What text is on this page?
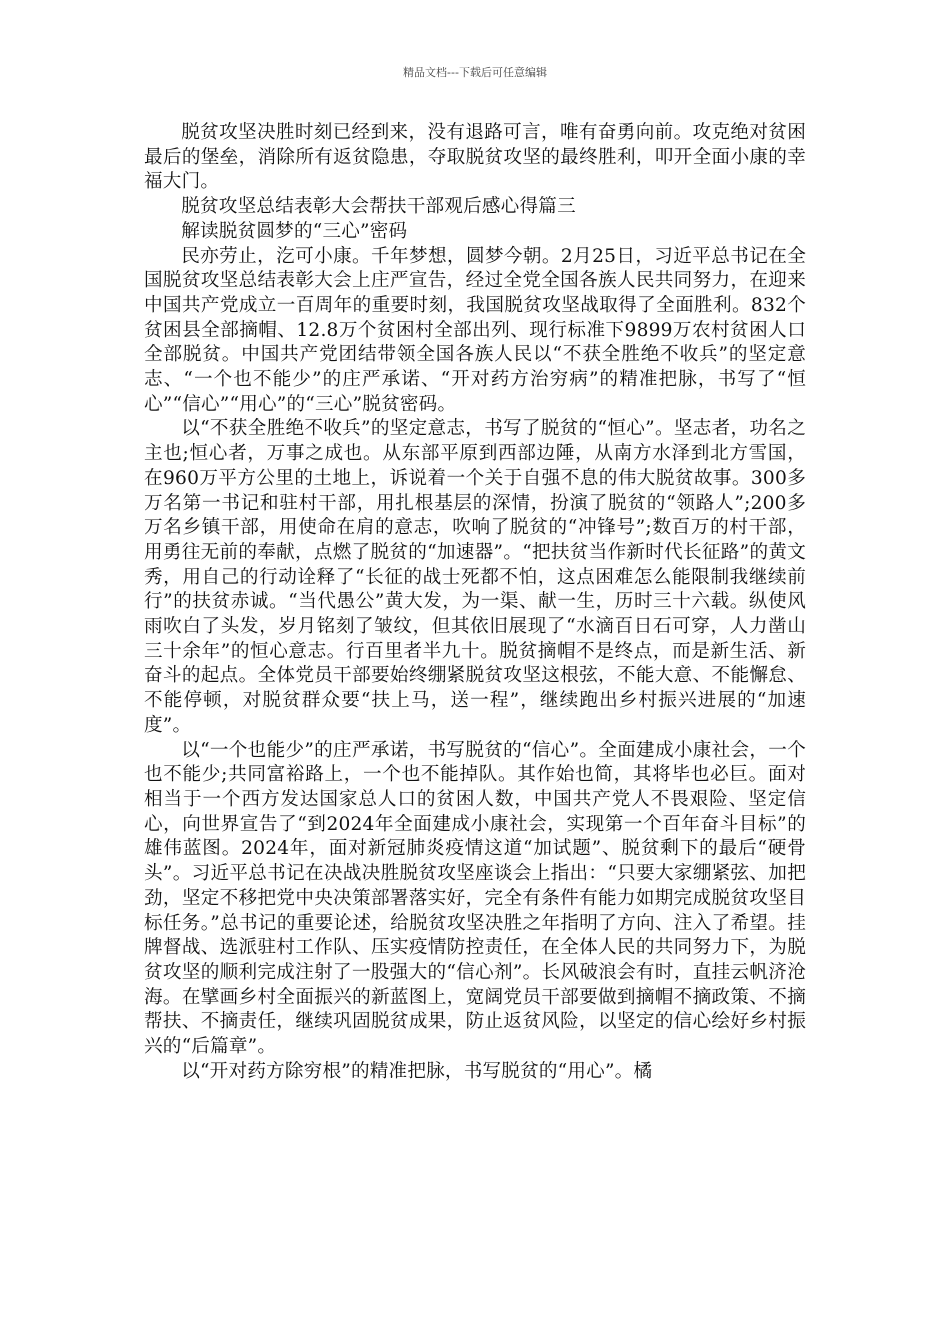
精品文档---下载后可任意编辑

脱贫攻坚决胜时刻已经到来，没有退路可言，唯有奋勇向前。攻克绝对贫困最后的堡垒，消除所有返贫隐患，夺取脱贫攻坚的最终胜利，叩开全面小康的幸福大门。

脱贫攻坚总结表彰大会帮扶干部观后感心得篇三

解读脱贫圆梦的“三心”密码

民亦劳止，汔可小康。千年梦想，圆梦今朝。2月25日，习近平总书记在全国脱贫攻坚总结表彰大会上庄严宣告，经过全党全国各族人民共同努力，在迎来中国共产党成立一百周年的重要时刻，我国脱贫攻坚战取得了全面胜利。832个贫困县全部摘帽、12.8万个贫困村全部出列、现行标准下9899万农村贫困人口全部脱贫。中国共产党团结带领全国各族人民以“不获全胜绝不收兵”的坚定意志、“一个也不能少”的庄严承诺、“开对药方治穷病”的精准把脉，书写了“恒心”“信心”“用心”的“三心”脱贫密码。

以“不获全胜绝不收兵”的坚定意志，书写了脱贫的“恒心”。坚志者，功名之主也;恒心者，万事之成也。从东部平原到西部边陲，从南方水泽到北方雪国，在960万平方公里的土地上，诉说着一个关于自强不息的伟大脱贫故事。300多万名第一书记和驻村干部，用扎根基层的深情，扮演了脱贫的“领路人”;200多万名乡镇干部，用使命在肩的意志，吹响了脱贫的“冲锋号”;数百万的村干部，用勇往无前的奉献，点燃了脱贫的“加速器”。“把扶贫当作新时代长征路”的黄文秀，用自己的行动诠释了“长征的战士死都不怕，这点困难怎么能限制我继续前行”的扶贫赤诚。“当代愚公”黄大发，为一渠、献一生，历时三十六载。纵使风雨吹白了头发，岁月铭刻了皱纹，但其依旧展现了“水滴百日石可穿，人力凿山三十余年”的恒心意志。行百里者半九十。脱贫摘帽不是终点，而是新生活、新奋斗的起点。全体党员干部要始终绷紧脱贫攻坚这根弦，不能大意、不能懈怠、不能停顿，对脱贫群众要“扶上马，送一程”，继续跑出乡村振兴进展的“加速度”。

以“一个也能少”的庄严承诺，书写脱贫的“信心”。全面建成小康社会，一个也不能少;共同富裕路上，一个也不能掉队。其作始也简，其将毕也必巨。面对相当于一个西方发达国家总人口的贫困人数，中国共产党人不畏艰险、坚定信心，向世界宣告了“到2024年全面建成小康社会，实现第一个百年奋斗目标”的雄伟蓝图。2024年，面对新冠肺炎疫情这道“加试题”、脱贫剩下的最后“硬骨头”。习近平总书记在决战决胜脱贫攻坚座谈会上指出：“只要大家绷紧弦、加把劲，坚定不移把党中央决策部署落实好，完全有条件有能力如期完成脱贫攻坚目标任务。”总书记的重要论述，给脱贫攻坚决胜之年指明了方向、注入了希望。挂牌督战、选派驻村工作队、压实疫情防控责任，在全体人民的共同努力下，为脱贫攻坚的顺利完成注射了一股强大的“信心剂”。长风破浪会有时，直挂云帆济沧海。在擘画乡村全面振兴的新蓝图上，宽阔党员干部要做到摘帽不摘政策、不摘帮扶、不摘责任，继续巩固脱贫成果，防止返贫风险，以坚定的信心绘好乡村振兴的“后篇章”。

以“开对药方除穷根”的精准把脉，书写脱贫的“用心”。橘
